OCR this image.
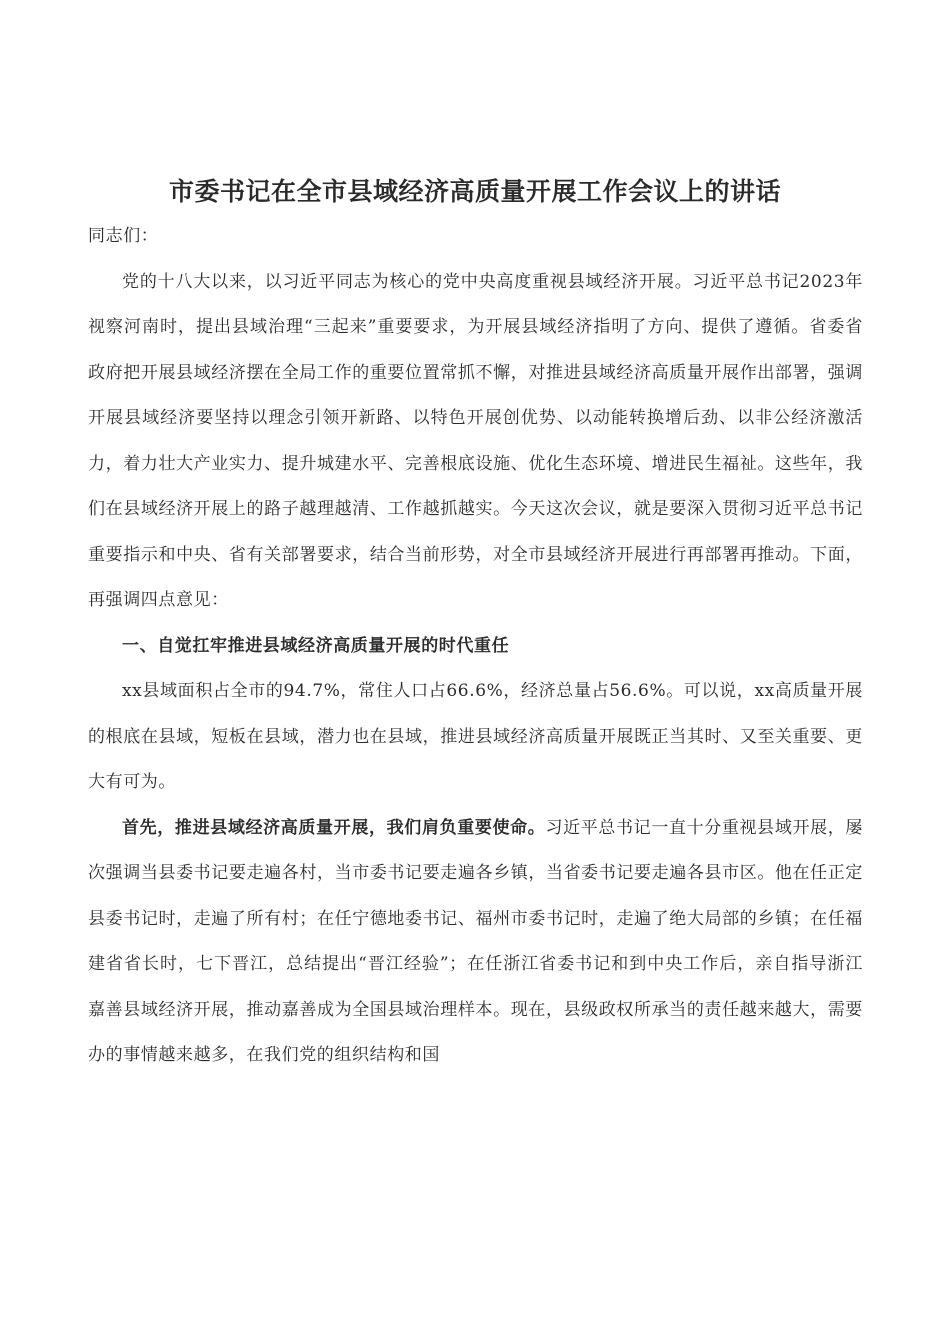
市委书记在全市县域经济高质量开展工作会议上的讲话

同志们：

党的十八大以来，以习近平同志为核心的党中央高度重视县域经济开展。习近平总书记2023年视察河南时，提出县域治理“三起来”重要要求，为开展县域经济指明了方向、提供了遵循。省委省政府把开展县域经济摆在全局工作的重要位置常抓不懈，对推进县域经济高质量开展作出部署，强调开展县域经济要坚持以理念引领开新路、以特色开展创优势、以动能转换增后劲、以非公经济激活力，着力壮大产业实力、提升城建水平、完善根底设施、优化生态环境、增进民生福祉。这些年，我们在县域经济开展上的路子越理越清、工作越抓越实。今天这次会议，就是要深入贯彻习近平总书记重要指示和中央、省有关部署要求，结合当前形势，对全市县域经济开展进行再部署再推动。下面，再强调四点意见：

一、自觉扛牢推进县域经济高质量开展的时代重任

xx县域面积占全市的94.7%，常住人口占66.6%，经济总量占56.6%。可以说，xx高质量开展的根底在县域，短板在县域，潜力也在县域，推进县域经济高质量开展既正当其时、又至关重要、更大有可为。

首先，推进县域经济高质量开展，我们肩负重要使命。习近平总书记一直十分重视县域开展，屡次强调当县委书记要走遍各村，当市委书记要走遍各乡镇，当省委书记要走遍各县市区。他在任正定县委书记时，走遍了所有村；在任宁德地委书记、福州市委书记时，走遍了绝大局部的乡镇；在任福建省省长时，七下晋江，总结提出“晋江经验”；在任浙江省委书记和到中央工作后，亲自指导浙江嘉善县域经济开展，推动嘉善成为全国县域治理样本。现在，县级政权所承当的责任越来越大，需要办的事情越来越多，在我们党的组织结构和国
